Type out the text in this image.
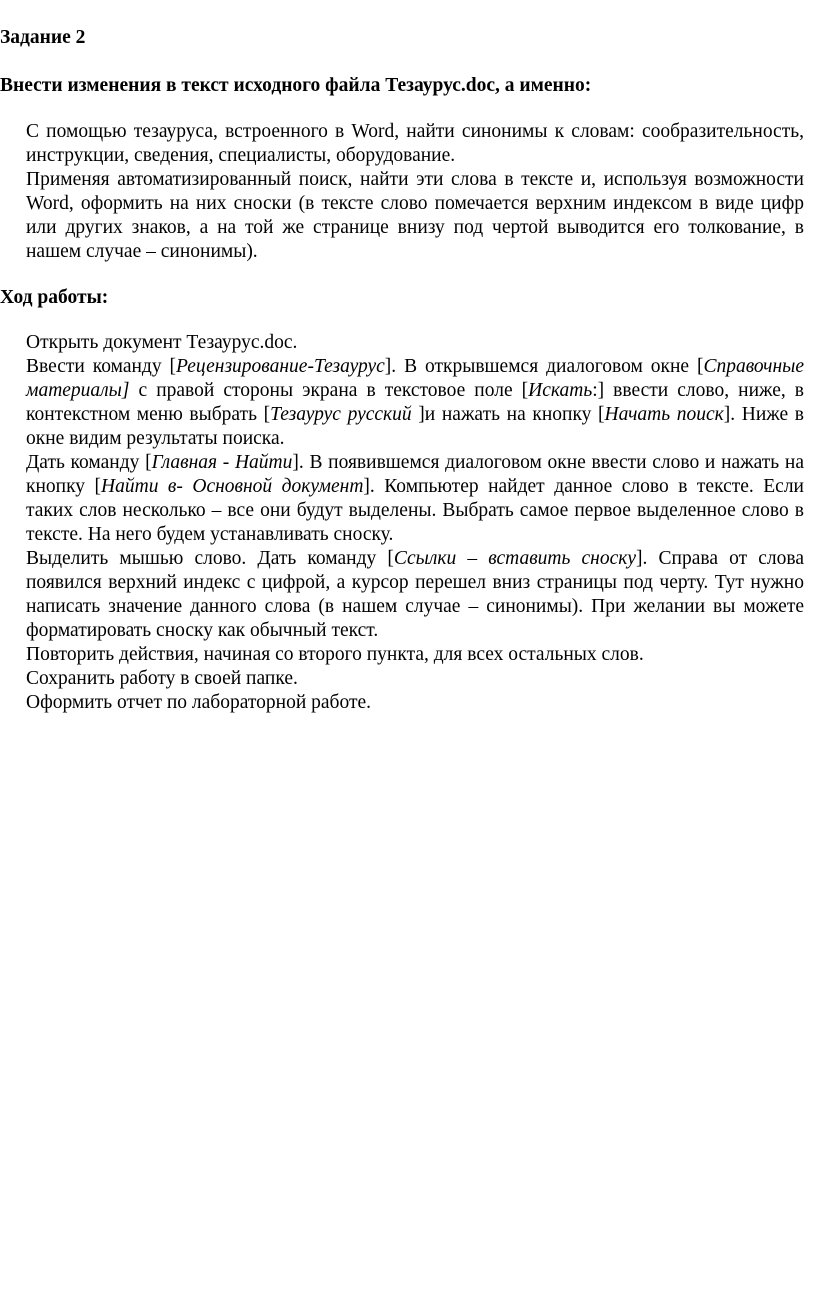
Задание 2
Внести изменения в текст исходного файла Тезаурус.doc, а именно:
С помощью тезауруса, встроенного в Word, найти синонимы к словам: сообразительность, инструкции, сведения, специалисты, оборудование.
Применяя автоматизированный поиск, найти эти слова в тексте и, используя возможности Word, оформить на них сноски (в тексте слово помечается верхним индексом в виде цифр или других знаков, а на той же странице внизу под чертой выводится его толкование, в нашем случае – синонимы).
Ход работы:
Открыть документ Тезаурус.doc.
Ввести команду [Рецензирование-Тезаурус]. В открывшемся диалоговом окне [Справочные материалы] с правой стороны экрана в текстовое поле [Искать:] ввести слово, ниже, в контекстном меню выбрать [Тезаурус русский ]и нажать на кнопку [Начать поиск]. Ниже в окне видим результаты поиска.
Дать команду [Главная - Найти]. В появившемся диалоговом окне ввести слово и нажать на кнопку [Найти в- Основной документ]. Компьютер найдет данное слово в тексте. Если таких слов несколько – все они будут выделены. Выбрать самое первое выделенное слово в тексте. На него будем устанавливать сноску.
Выделить мышью слово. Дать команду [Ссылки – вставить сноску]. Справа от слова появился верхний индекс с цифрой, а курсор перешел вниз страницы под черту. Тут нужно написать значение данного слова (в нашем случае – синонимы). При желании вы можете форматировать сноску как обычный текст.
Повторить действия, начиная со второго пункта, для всех остальных слов.
Сохранить работу в своей папке.
Оформить отчет по лабораторной работе.
